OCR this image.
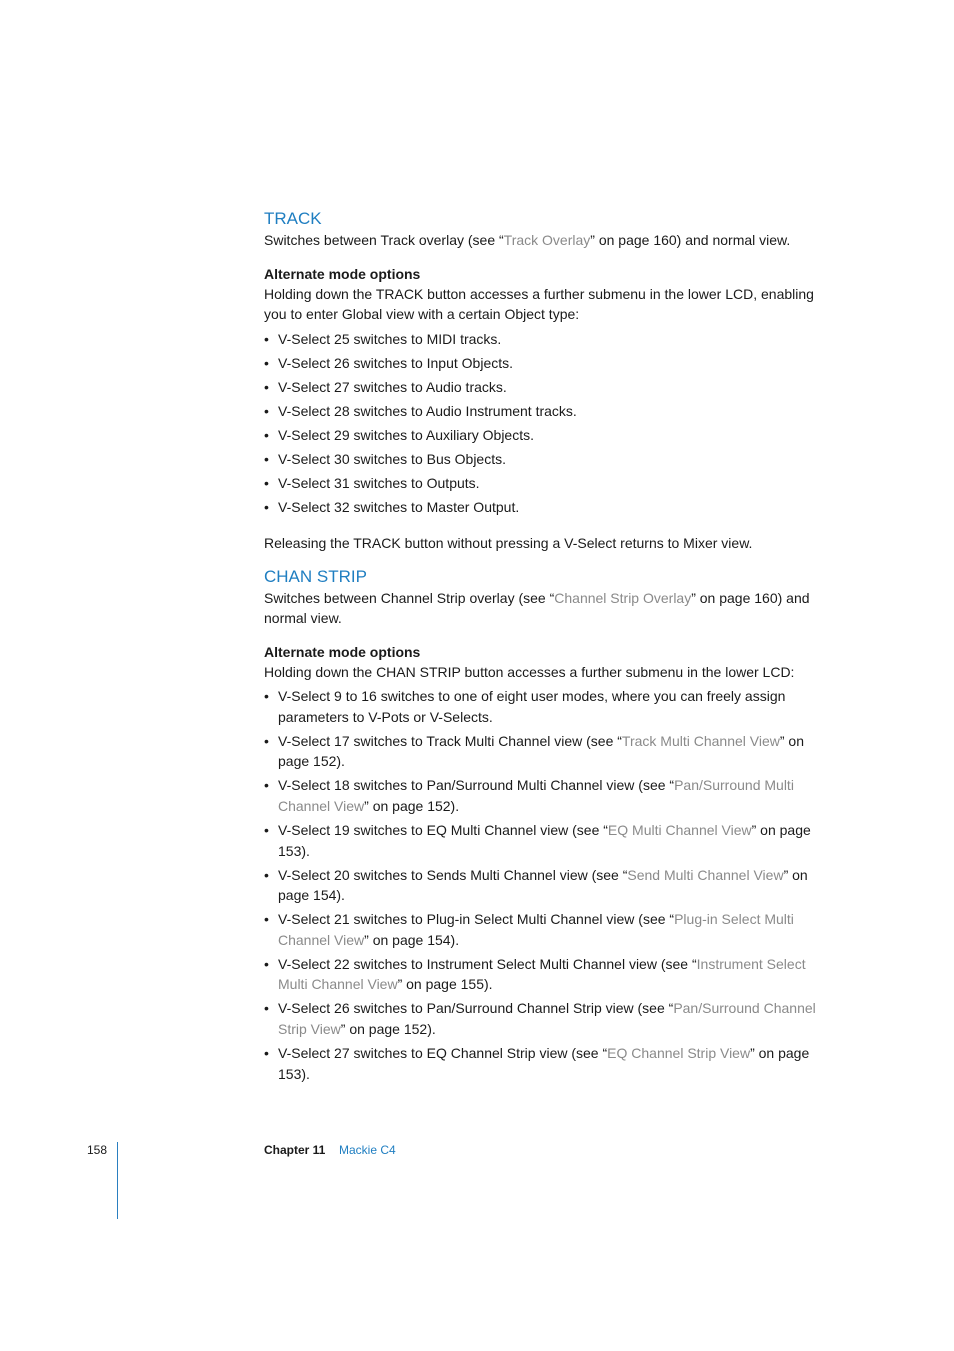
TRACK

Switches between Track overlay (see “Track Overlay” on page 160) and normal view.

Alternate mode options

Holding down the TRACK button accesses a further submenu in the lower LCD, enabling you to enter Global view with a certain Object type:

• V-Select 25 switches to MIDI tracks.
• V-Select 26 switches to Input Objects.
• V-Select 27 switches to Audio tracks.
• V-Select 28 switches to Audio Instrument tracks.
• V-Select 29 switches to Auxiliary Objects.
• V-Select 30 switches to Bus Objects.
• V-Select 31 switches to Outputs.
• V-Select 32 switches to Master Output.

Releasing the TRACK button without pressing a V-Select returns to Mixer view.

CHAN STRIP

Switches between Channel Strip overlay (see “Channel Strip Overlay” on page 160) and normal view.

Alternate mode options

Holding down the CHAN STRIP button accesses a further submenu in the lower LCD:

• V-Select 9 to 16 switches to one of eight user modes, where you can freely assign parameters to V-Pots or V-Selects.
• V-Select 17 switches to Track Multi Channel view (see “Track Multi Channel View” on page 152).
• V-Select 18 switches to Pan/Surround Multi Channel view (see “Pan/Surround Multi Channel View” on page 152).
• V-Select 19 switches to EQ Multi Channel view (see “EQ Multi Channel View” on page 153).
• V-Select 20 switches to Sends Multi Channel view (see “Send Multi Channel View” on page 154).
• V-Select 21 switches to Plug-in Select Multi Channel view (see “Plug-in Select Multi Channel View” on page 154).
• V-Select 22 switches to Instrument Select Multi Channel view (see “Instrument Select Multi Channel View” on page 155).
• V-Select 26 switches to Pan/Surround Channel Strip view (see “Pan/Surround Channel Strip View” on page 152).
• V-Select 27 switches to EQ Channel Strip view (see “EQ Channel Strip View” on page 153).
158	Chapter 11 Mackie C4
